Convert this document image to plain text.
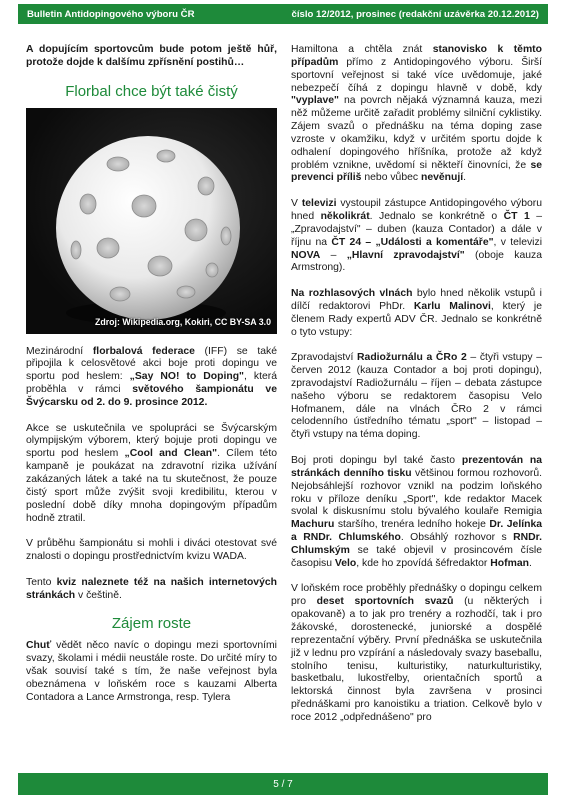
Bulletin Antidopingového výboru ČR	číslo 12/2012, prosinec (redakční uzávěrka 20.12.2012)

A dopujícím sportovcům bude potom ještě hůř, protože dojde k dalšímu zpřísnění postihů…

Florbal chce být také čistý
Zdroj: Wikipedia.org, Kokiri, CC BY-SA 3.0

Mezinárodní florbalová federace (IFF) se také připojila k celosvětové akci boje proti dopingu ve sportu pod heslem: „Say NO! to Doping", která proběhla v rámci světového šampionátu ve Švýcarsku od 2. do 9. prosince 2012.

Akce se uskutečnila ve spolupráci se Švýcarským olympijským výborem, který bojuje proti dopingu ve sportu pod heslem „Cool and Clean". Cílem této kampaně je poukázat na zdravotní rizika užívání zakázaných látek a také na tu skutečnost, že pouze čistý sport může zvýšit svoji kredibilitu, kterou v poslední době díky mnoha dopingovým případům hodně ztratil.

V průběhu šampionátu si mohli i diváci otestovat své znalosti o dopingu prostřednictvím kvizu WADA.

Tento kviz naleznete též na našich internetových stránkách v češtině.

Zájem roste

Chuť vědět něco navíc o dopingu mezi sportovními svazy, školami i médii neustále roste. Do určité míry to však souvisí také s tím, že naše veřejnost byla obeznámena v loňském roce s kauzami Alberta Contadora a Lance Armstronga, resp. Tylera

Hamiltona a chtěla znát stanovisko k těmto případům přímo z Antidopingového výboru. Širší sportovní veřejnost si také více uvědomuje, jaké nebezpečí číhá z dopingu hlavně v době, kdy "vyplave" na povrch nějaká významná kauza, mezi něž můžeme určitě zařadit problémy silniční cyklistiky. Zájem svazů o přednášku na téma doping zase vzroste v okamžiku, když v určitém sportu dojde k odhalení dopingového hříšníka, protože až když problém vznikne, uvědomí si někteří činovníci, že se prevenci příliš nebo vůbec nevěnují.

V televizi vystoupil zástupce Antidopingového výboru hned několikrát. Jednalo se konkrétně o ČT 1 – „Zpravodajství" – duben (kauza Contador) a dále v říjnu na ČT 24 – „Události a komentáře", v televizi NOVA – „Hlavní zpravodajství" (oboje kauza Armstrong).

Na rozhlasových vlnách bylo hned několik vstupů i dílčí redaktorovi PhDr. Karlu Malinovi, který je členem Rady expertů ADV ČR. Jednalo se konkrétně o tyto vstupy:

Zpravodajství Radiožurnálu a ČRo 2 – čtyři vstupy – červen 2012 (kauza Contador a boj proti dopingu), zpravodajství Radiožurnálu – říjen – debata zástupce našeho výboru se redaktorem časopisu Velo Hofmanem, dále na vlnách ČRo 2 v rámci celodenního ústředního tématu „sport" – listopad – čtyři vstupy na téma doping.

Boj proti dopingu byl také často prezentován na stránkách denního tisku většinou formou rozhovorů. Nejobsáhlejší rozhovor vznikl na podzim loňského roku v příloze deníku „Sport", kde redaktor Macek svolal k diskusnímu stolu bývalého koulaře Remigia Machuru staršího, trenéra ledního hokeje Dr. Jelínka a RNDr. Chlumského. Obsáhlý rozhovor s RNDr. Chlumským se také objevil v prosincovém čísle časopisu Velo, kde ho zpovídá šéfredaktor Hofman.

V loňském roce proběhly přednášky o dopingu celkem pro deset sportovních svazů (u některých i opakovaně) a to jak pro trenéry a rozhodčí, tak i pro žákovské, dorostenecké, juniorské a dospělé reprezentační výběry. První přednáška se uskutečnila již v lednu pro vzpírání a následovaly svazy baseballu, stolního tenisu, kulturistiky, naturkulturistiky, basketbalu, lukostřelby, orientačních sportů a lektorská činnost byla završena v prosinci přednáškami pro kanoistiku a triation. Celkově bylo v roce 2012 „odpřednášeno" pro

5 / 7
